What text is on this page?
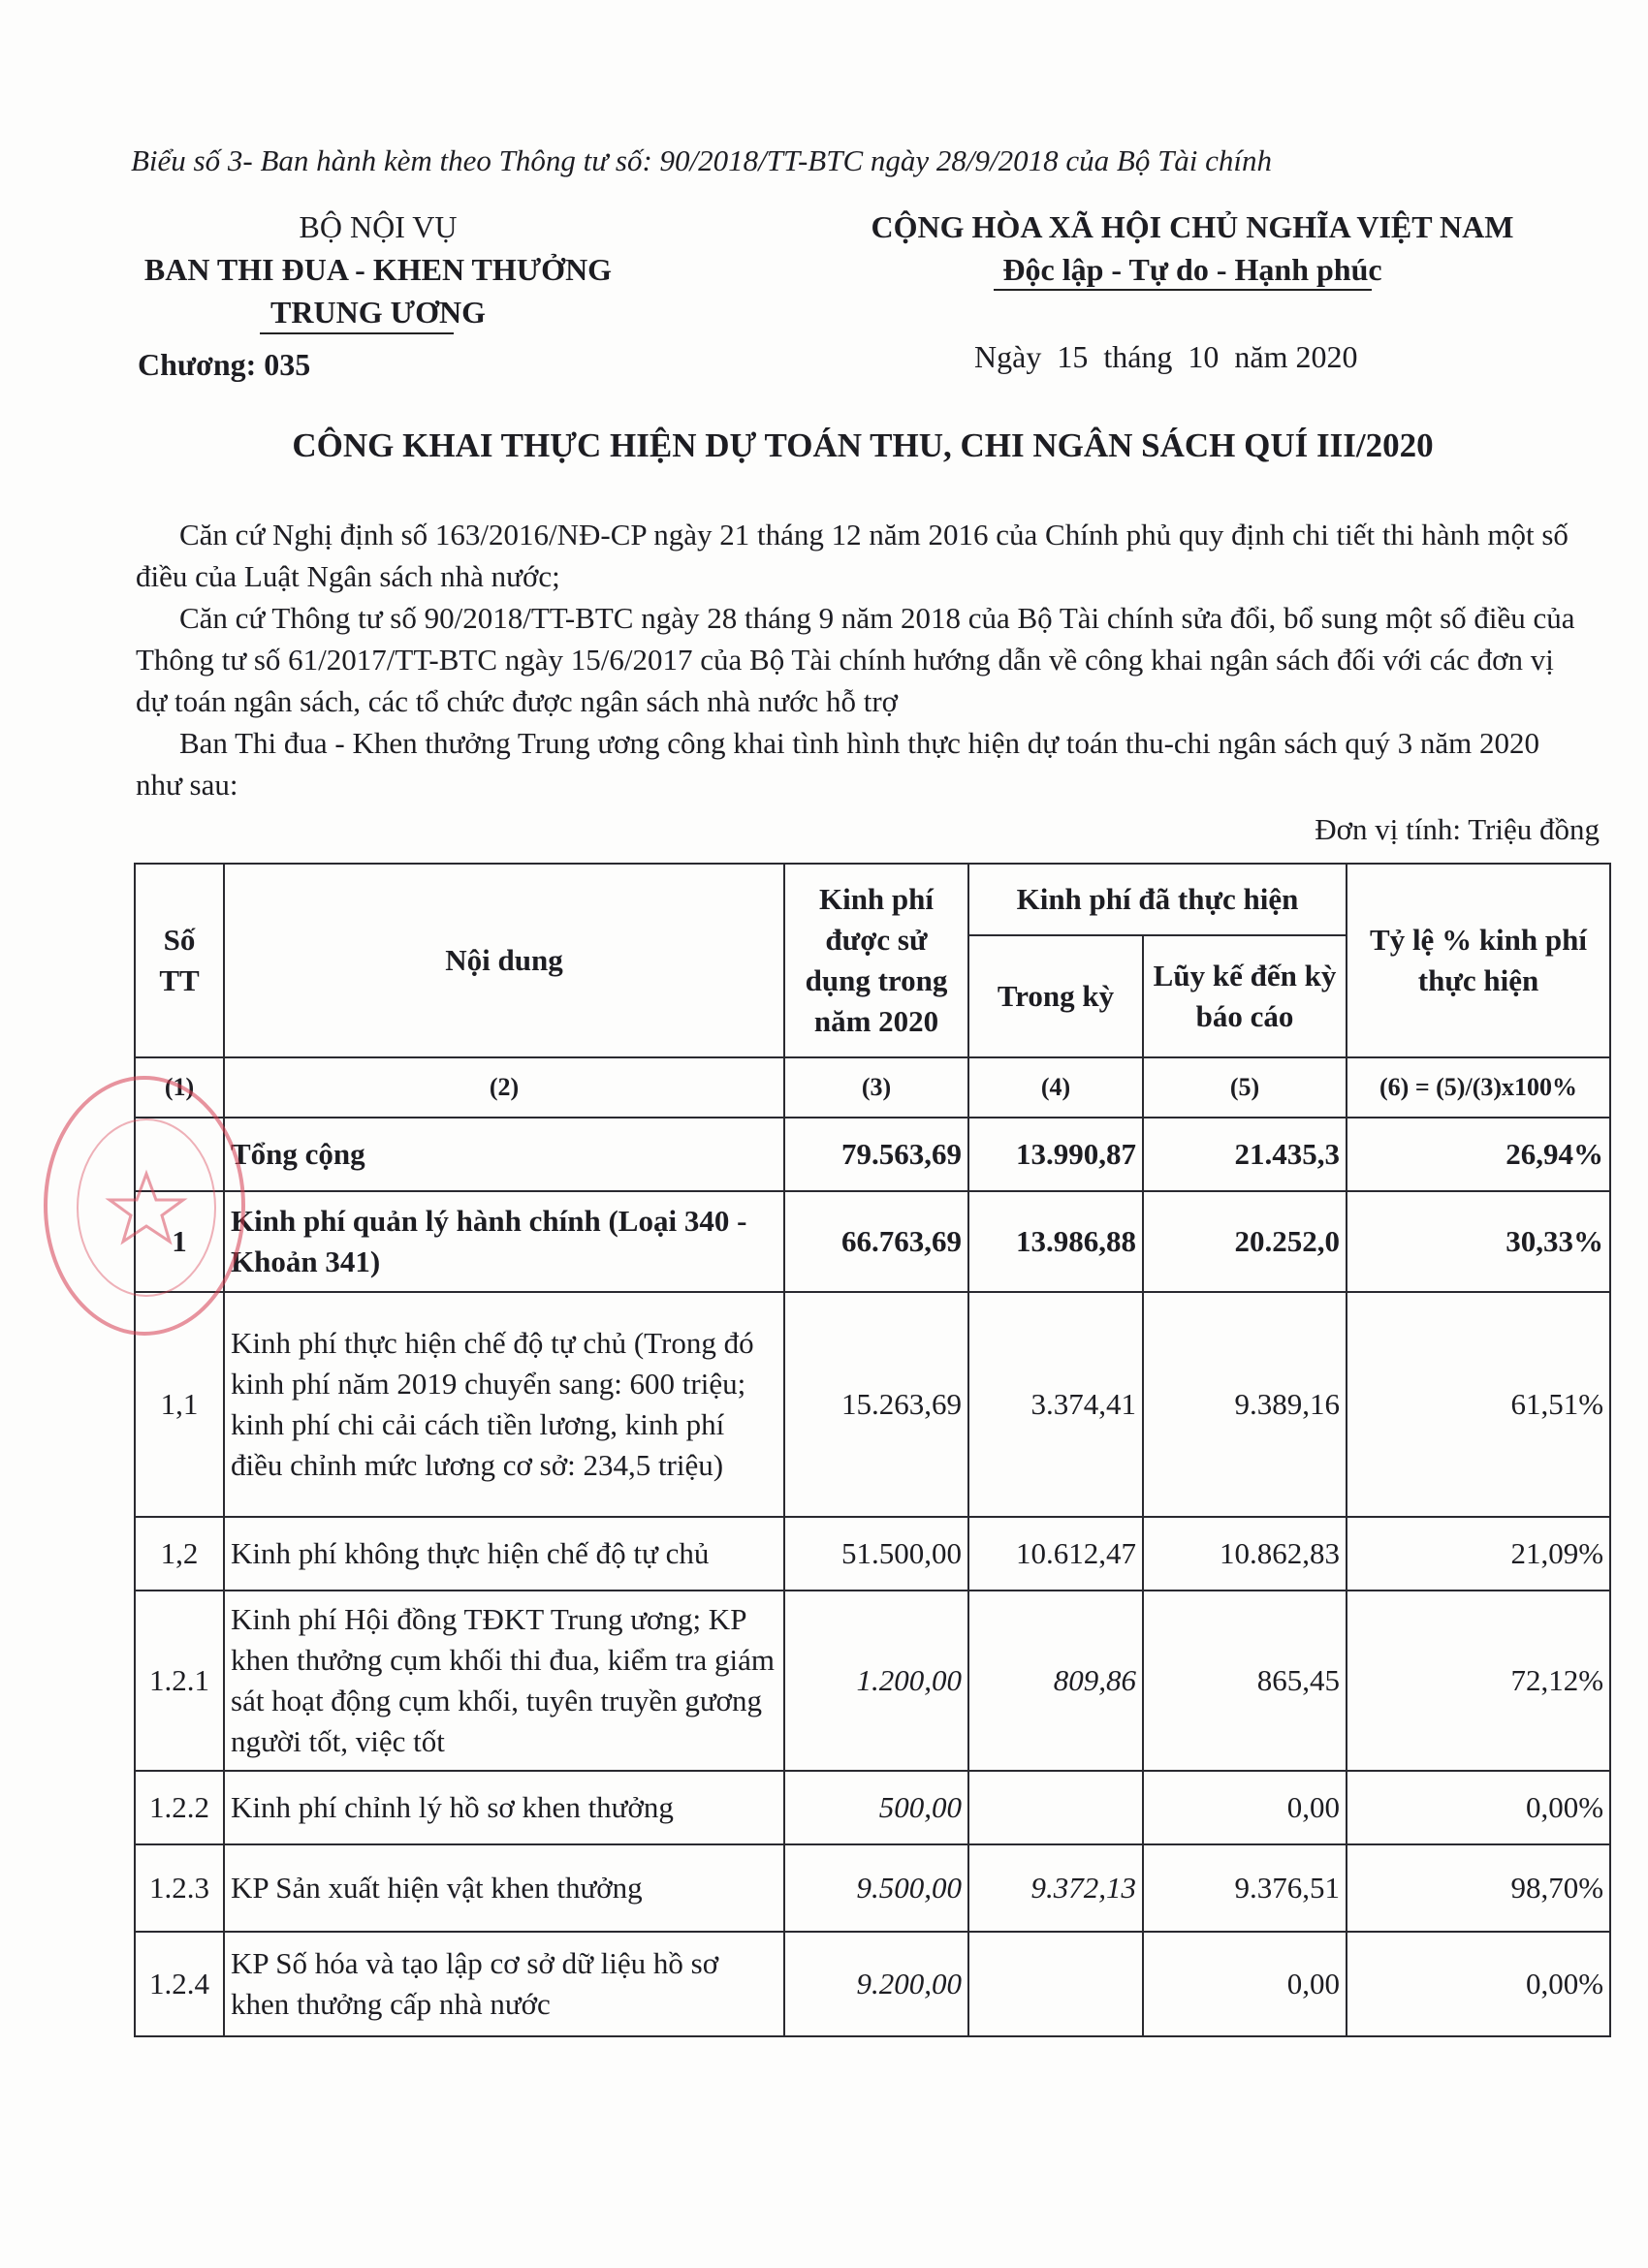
Biểu số 3- Ban hành kèm theo Thông tư số: 90/2018/TT-BTC ngày 28/9/2018 của Bộ Tài chính
BỘ NỘI VỤ
BAN THI ĐUA - KHEN THƯỞNG
TRUNG ƯƠNG
Chương: 035
CỘNG HÒA XÃ HỘI CHỦ NGHĨA VIỆT NAM
Độc lập - Tự do - Hạnh phúc
Ngày  15  tháng  10  năm 2020
CÔNG KHAI THỰC HIỆN DỰ TOÁN THU, CHI NGÂN SÁCH QUÍ III/2020
Căn cứ Nghị định số 163/2016/NĐ-CP ngày 21 tháng 12 năm 2016 của Chính phủ quy định chi tiết thi hành một số điều của Luật Ngân sách nhà nước;
Căn cứ Thông tư số 90/2018/TT-BTC ngày 28 tháng 9 năm 2018 của Bộ Tài chính sửa đổi, bổ sung một số điều của Thông tư số 61/2017/TT-BTC ngày 15/6/2017 của Bộ Tài chính hướng dẫn về công khai ngân sách đối với các đơn vị dự toán ngân sách, các tổ chức được ngân sách nhà nước hỗ trợ
Ban Thi đua - Khen thưởng Trung ương công khai tình hình thực hiện dự toán thu-chi ngân sách quý 3 năm 2020 như sau:
Đơn vị tính: Triệu đồng
Số TT	Nội dung	Kinh phí được sử dụng trong năm 2020	Kinh phí đã thực hiện		Tỷ lệ % kinh phí thực hiện
			Trong kỳ	Lũy kế đến kỳ báo cáo	
(1)	(2)	(3)	(4)	(5)	(6) = (5)/(3)x100%
	Tổng cộng	79.563,69	13.990,87	21.435,3	26,94%
1	Kinh phí quản lý hành chính (Loại 340 - Khoản 341)	66.763,69	13.986,88	20.252,0	30,33%
1,1	Kinh phí thực hiện chế độ tự chủ (Trong đó kinh phí năm 2019 chuyển sang: 600 triệu; kinh phí chi cải cách tiền lương, kinh phí điều chỉnh mức lương cơ sở: 234,5 triệu)	15.263,69	3.374,41	9.389,16	61,51%
1,2	Kinh phí không thực hiện chế độ tự chủ	51.500,00	10.612,47	10.862,83	21,09%
1.2.1	Kinh phí Hội đồng TĐKT Trung ương; KP khen thưởng cụm khối thi đua, kiểm tra giám sát hoạt động cụm khối, tuyên truyền gương người tốt, việc tốt	1.200,00	809,86	865,45	72,12%
1.2.2	Kinh phí chỉnh lý hồ sơ khen thưởng	500,00		0,00	0,00%
1.2.3	KP Sản xuất hiện vật khen thưởng	9.500,00	9.372,13	9.376,51	98,70%
1.2.4	KP Số hóa và tạo lập cơ sở dữ liệu hồ sơ khen thưởng cấp nhà nước	9.200,00		0,00	0,00%
